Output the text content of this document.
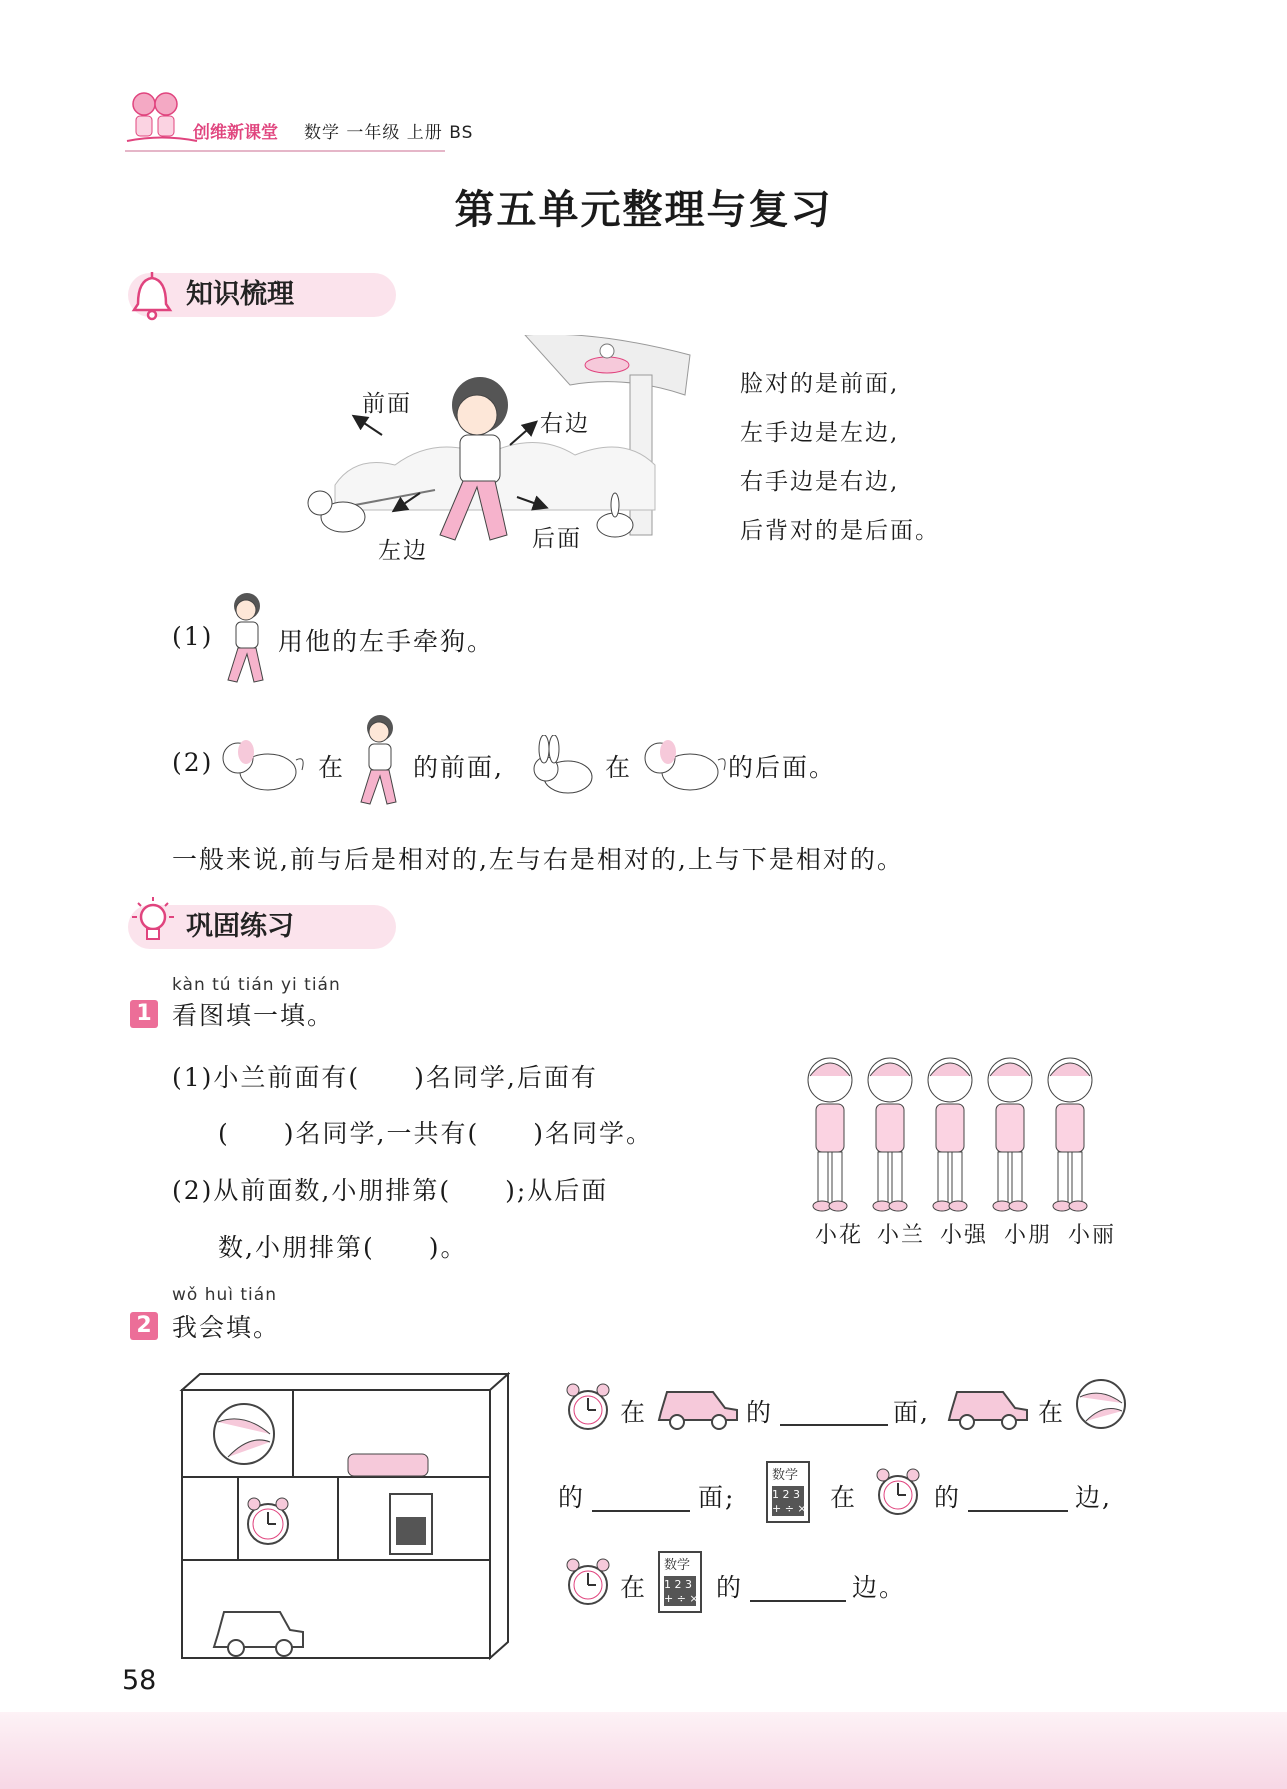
创维新课堂 数学 一年级 上册 BS
第五单元整理与复习
知识梳理
前面
右边
左边	后面
脸对的是前面,
左手边是左边,
右手边是右边,
后背对的是后面。
(1)	用他的左手牵狗。
(2)	在	的前面,	在	的后面。
一般来说,前与后是相对的,左与右是相对的,上与下是相对的。
巩固练习
kàn tú tián yi tián
1 看图填一填。
(1)小兰前面有(　　)名同学,后面有
(　　)名同学,一共有(　　)名同学。
(2)从前面数,小朋排第(　　);从后面
数,小朋排第(　　)。	小花 小兰 小强 小朋 小丽
wǒ huì tián
2 我会填。
在	的	面,	在
的	面;
数学
1 2 3
+ ÷ × 在	的	边,
在
数学
1 2 3
+ ÷ × 的	边。
58
